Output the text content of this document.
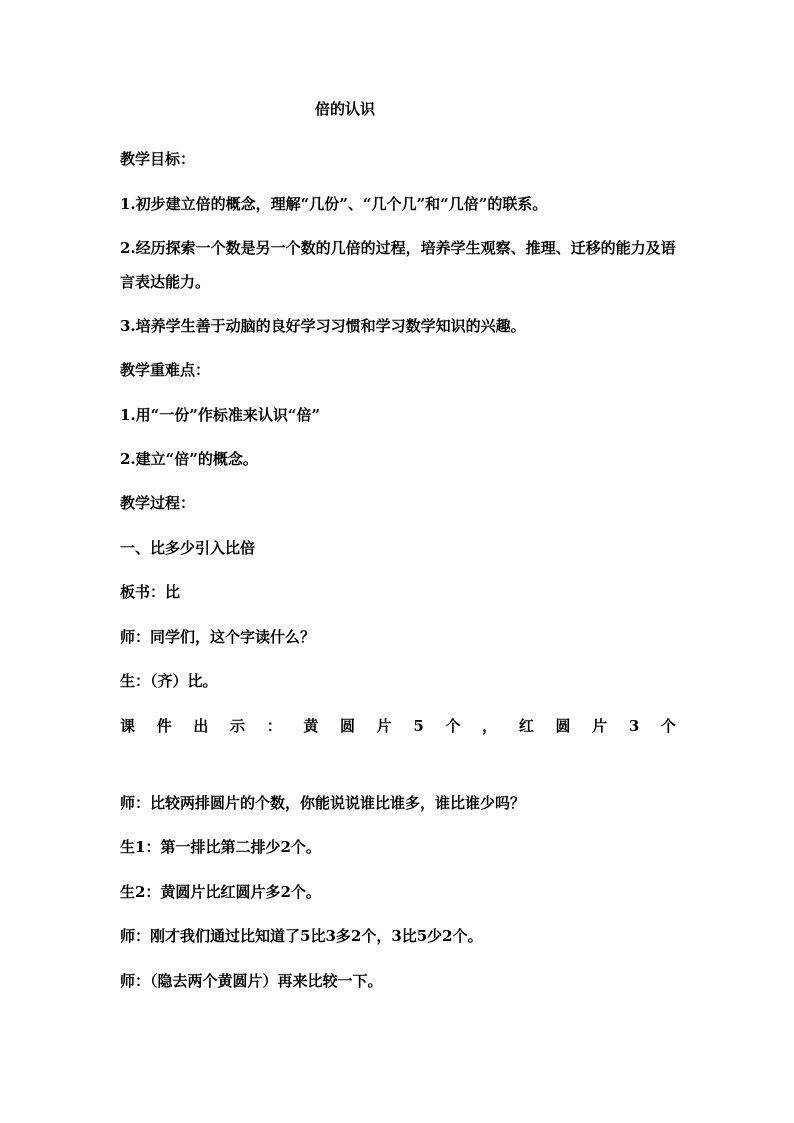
倍的认识
教学目标：
1.初步建立倍的概念，理解“几份”、“几个几”和“几倍”的联系。
2.经历探索一个数是另一个数的几倍的过程，培养学生观察、推理、迁移的能力及语言表达能力。
3.培养学生善于动脑的良好学习习惯和学习数学知识的兴趣。
教学重难点：
1.用“一份”作标准来认识“倍”
2.建立“倍”的概念。
教学过程：
一、比多少引入比倍
板书：比
师：同学们，这个字读什么？
生：（齐）比。
课 件 出 示 ： 黄 圆 片 5 个 ， 红 圆 片 3 个
师：比较两排圆片的个数，你能说说谁比谁多，谁比谁少吗？
生1：第一排比第二排少2个。
生2：黄圆片比红圆片多2个。
师：刚才我们通过比知道了5比3多2个，3比5少2个。
师：（隐去两个黄圆片）再来比较一下。
